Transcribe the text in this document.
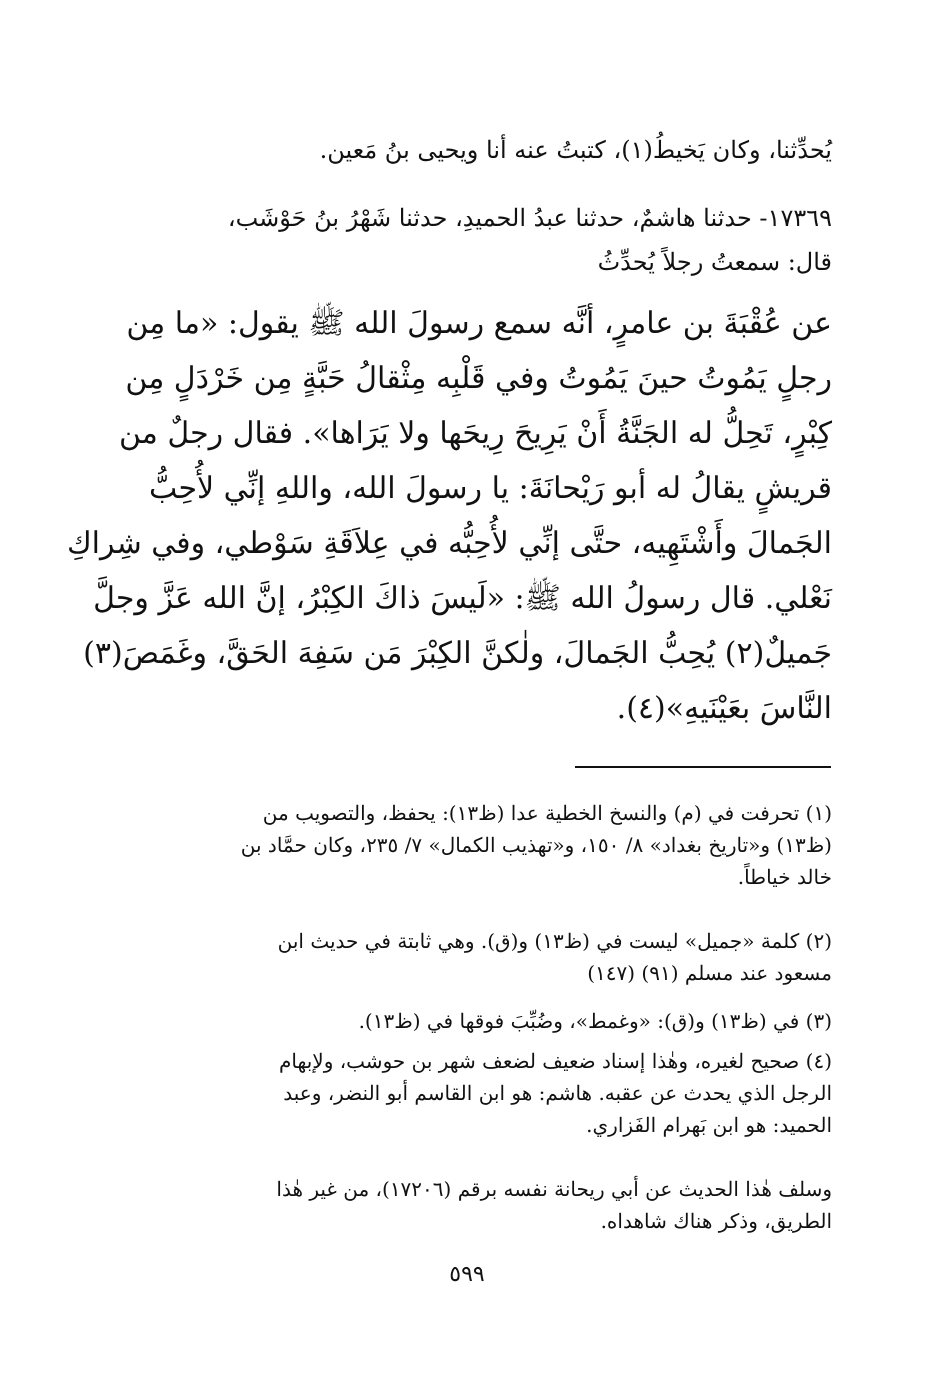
يُحدِّثنا، وكان يَخيطُ(١)، كتبتُ عنه أنا ويحيى بنُ مَعين.
١٧٣٦٩- حدثنا هاشمٌ، حدثنا عبدُ الحميدِ، حدثنا شَهْرُ بنُ حَوْشَب،
قال: سمعتُ رجلاً يُحدِّثُ
عن عُقْبَةَ بن عامرٍ، أنَّه سمع رسولَ الله ﷺ يقول: «ما مِن
رجلٍ يَمُوتُ حينَ يَمُوتُ وفي قَلْبِه مِثْقالُ حَبَّةٍ مِن خَرْدَلٍ مِن
كِبْرٍ، تَحِلُّ له الجَنَّةُ أَنْ يَرِيحَ رِيحَها ولا يَرَاها». فقال رجلٌ من
قريشٍ يقالُ له أبو رَيْحانَةَ: يا رسولَ الله، واللهِ إنِّي لأُحِبُّ
الجَمالَ وأَشْتَهِيه، حتَّى إنِّي لأُحِبُّه في عِلاَقَةِ سَوْطي، وفي شِراكِ
نَعْلي. قال رسولُ الله ﷺ: «لَيسَ ذاكَ الكِبْرُ، إنَّ الله عَزَّ وجلَّ
جَميلٌ(٢) يُحِبُّ الجَمالَ، ولٰكنَّ الكِبْرَ مَن سَفِهَ الحَقَّ، وغَمَصَ(٣)
النَّاسَ بعَيْنَيهِ»(٤).
(١) تحرفت في (م) والنسخ الخطية عدا (ظ١٣): يحفظ، والتصويب من
(ظ١٣) و«تاريخ بغداد» ٨/ ١٥٠، و«تهذيب الكمال» ٧/ ٢٣٥، وكان حمَّاد بن
خالد خياطاً.
(٢) كلمة «جميل» ليست في (ظ١٣) و(ق). وهي ثابتة في حديث ابن
مسعود عند مسلم (٩١) (١٤٧)
(٣) في (ظ١٣) و(ق): «وغمط»، وضُبِّبَ فوقها في (ظ١٣).
(٤) صحيح لغيره، وهٰذا إسناد ضعيف لضعف شهر بن حوشب، ولإبهام
الرجل الذي يحدث عن عقبه. هاشم: هو ابن القاسم أبو النضر، وعبد
الحميد: هو ابن بَهرام الفَزاري.
وسلف هٰذا الحديث عن أبي ريحانة نفسه برقم (١٧٢٠٦)، من غير هٰذا
الطريق، وذكر هناك شاهداه.
٥٩٩
